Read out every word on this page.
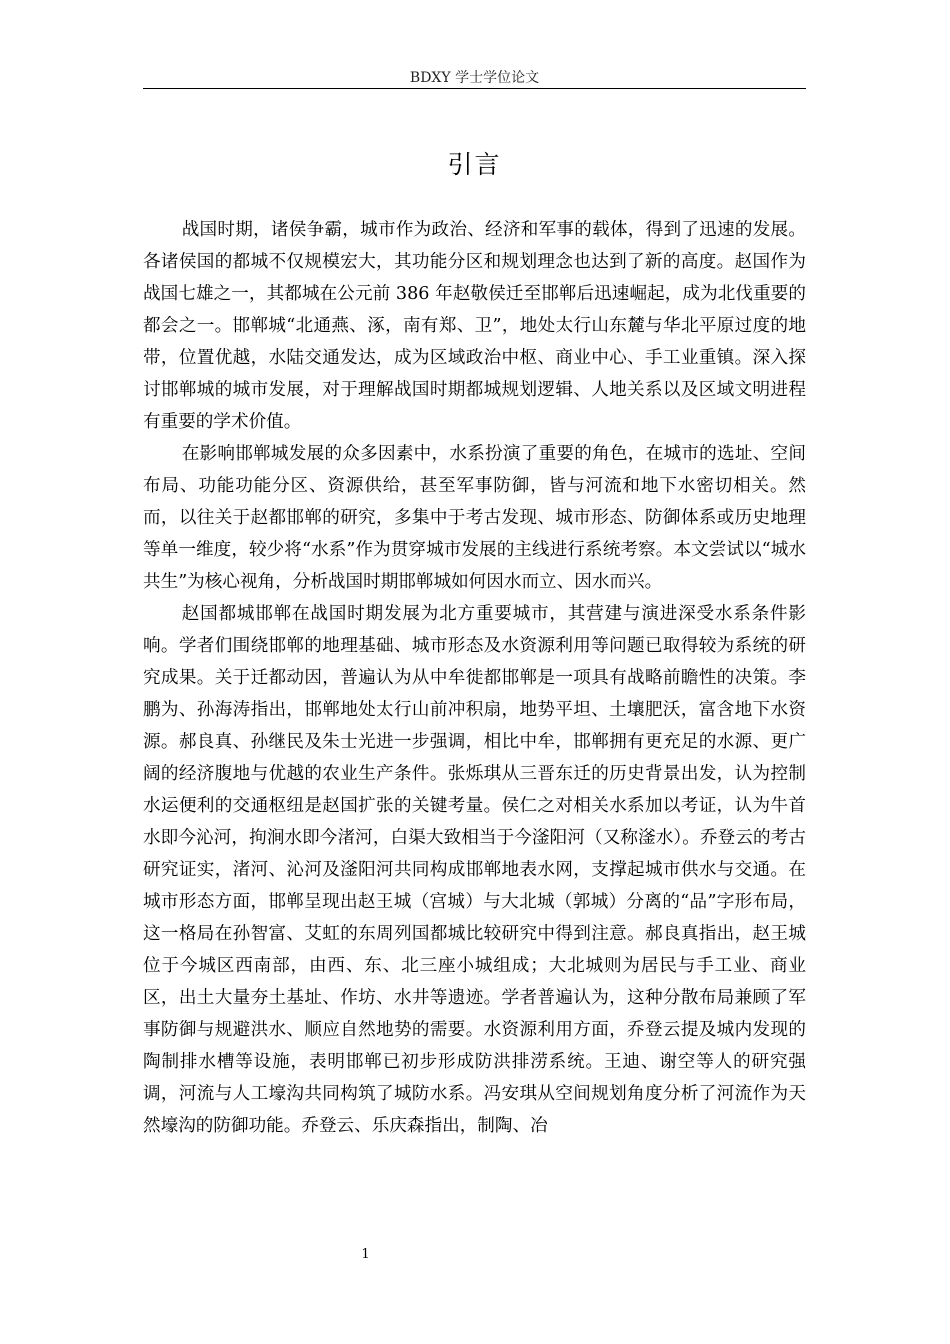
BDXY 学士学位论文
引言

战国时期，诸侯争霸，城市作为政治、经济和军事的载体，得到了迅速的发展。各诸侯国的都城不仅规模宏大，其功能分区和规划理念也达到了新的高度。赵国作为战国七雄之一，其都城在公元前 386 年赵敬侯迁至邯郸后迅速崛起，成为北伐重要的都会之一。邯郸城“北通燕、涿，南有郑、卫”，地处太行山东麓与华北平原过度的地带，位置优越，水陆交通发达，成为区域政治中枢、商业中心、手工业重镇。深入探讨邯郸城的城市发展，对于理解战国时期都城规划逻辑、人地关系以及区域文明进程有重要的学术价值。

在影响邯郸城发展的众多因素中，水系扮演了重要的角色，在城市的选址、空间布局、功能功能分区、资源供给，甚至军事防御，皆与河流和地下水密切相关。然而，以往关于赵都邯郸的研究，多集中于考古发现、城市形态、防御体系或历史地理等单一维度，较少将“水系”作为贯穿城市发展的主线进行系统考察。本文尝试以“城水共生”为核心视角，分析战国时期邯郸城如何因水而立、因水而兴。

赵国都城邯郸在战国时期发展为北方重要城市，其营建与演进深受水系条件影响。学者们围绕邯郸的地理基础、城市形态及水资源利用等问题已取得较为系统的研究成果。关于迁都动因，普遍认为从中牟徙都邯郸是一项具有战略前瞻性的决策。李鹏为、孙海涛指出，邯郸地处太行山前冲积扇，地势平坦、土壤肥沃，富含地下水资源。郝良真、孙继民及朱士光进一步强调，相比中牟，邯郸拥有更充足的水源、更广阔的经济腹地与优越的农业生产条件。张烁琪从三晋东迁的历史背景出发，认为控制水运便利的交通枢纽是赵国扩张的关键考量。侯仁之对相关水系加以考证，认为牛首水即今沁河，拘涧水即今渚河，白渠大致相当于今滏阳河（又称滏水）。乔登云的考古研究证实，渚河、沁河及滏阳河共同构成邯郸地表水网，支撑起城市供水与交通。在城市形态方面，邯郸呈现出赵王城（宫城）与大北城（郭城）分离的“品”字形布局，这一格局在孙智富、艾虹的东周列国都城比较研究中得到注意。郝良真指出，赵王城位于今城区西南部，由西、东、北三座小城组成；大北城则为居民与手工业、商业区，出土大量夯土基址、作坊、水井等遗迹。学者普遍认为，这种分散布局兼顾了军事防御与规避洪水、顺应自然地势的需要。水资源利用方面，乔登云提及城内发现的陶制排水槽等设施，表明邯郸已初步形成防洪排涝系统。王迪、谢空等人的研究强调，河流与人工壕沟共同构筑了城防水系。冯安琪从空间规划角度分析了河流作为天然壕沟的防御功能。乔登云、乐庆森指出，制陶、冶

1
